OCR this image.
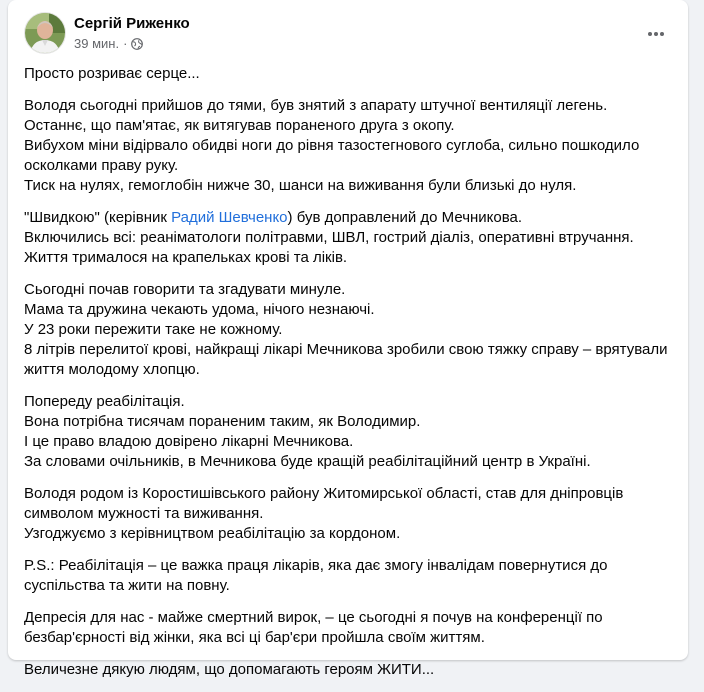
Сергій Риженко
39 мин. ·
Просто розриває серце...
Володя сьогодні прийшов до тями, був знятий з апарату штучної вентиляції легень.
Останнє, що пам'ятає, як витягував пораненого друга з окопу.
Вибухом міни відірвало обидві ноги до рівня тазостегнового суглоба, сильно пошкодило
осколками праву руку.
Тиск на нулях, гемоглобін нижче 30, шанси на виживання були близькі до нуля.
"Швидкою" (керівник Радий Шевченко) був доправлений до Мечникова.
Включились всі: реаніматологи політравми, ШВЛ, гострий діаліз, оперативні втручання.
Життя трималося на крапельках крові та ліків.
Сьогодні почав говорити та згадувати минуле.
Мама та дружина чекають удома, нічого незнаючі.
У 23 роки пережити таке не кожному.
8 літрів перелитої крові, найкращі лікарі Мечникова зробили свою тяжку справу – врятували
життя молодому хлопцю.
Попереду реабілітація.
Вона потрібна тисячам пораненим таким, як Володимир.
І це право владою довірено лікарні Мечникова.
За словами очільників, в Мечникова буде кращій реабілітаційний центр в Україні.
Володя родом із Коростишівського району Житомирської області, став для дніпровців
символом мужності та виживання.
Узгоджуємо з керівництвом реабілітацію за кордоном.
P.S.: Реабілітація – це важка праця лікарів, яка дає змогу інвалідам повернутися до
суспільства та жити на повну.
Депресія для нас - майже смертний вирок, – це сьогодні я почув на конференції по
безбар'єрності від жінки, яка всі ці бар'єри пройшла своїм життям.
Величезне дякую людям, що допомагають героям ЖИТИ...
